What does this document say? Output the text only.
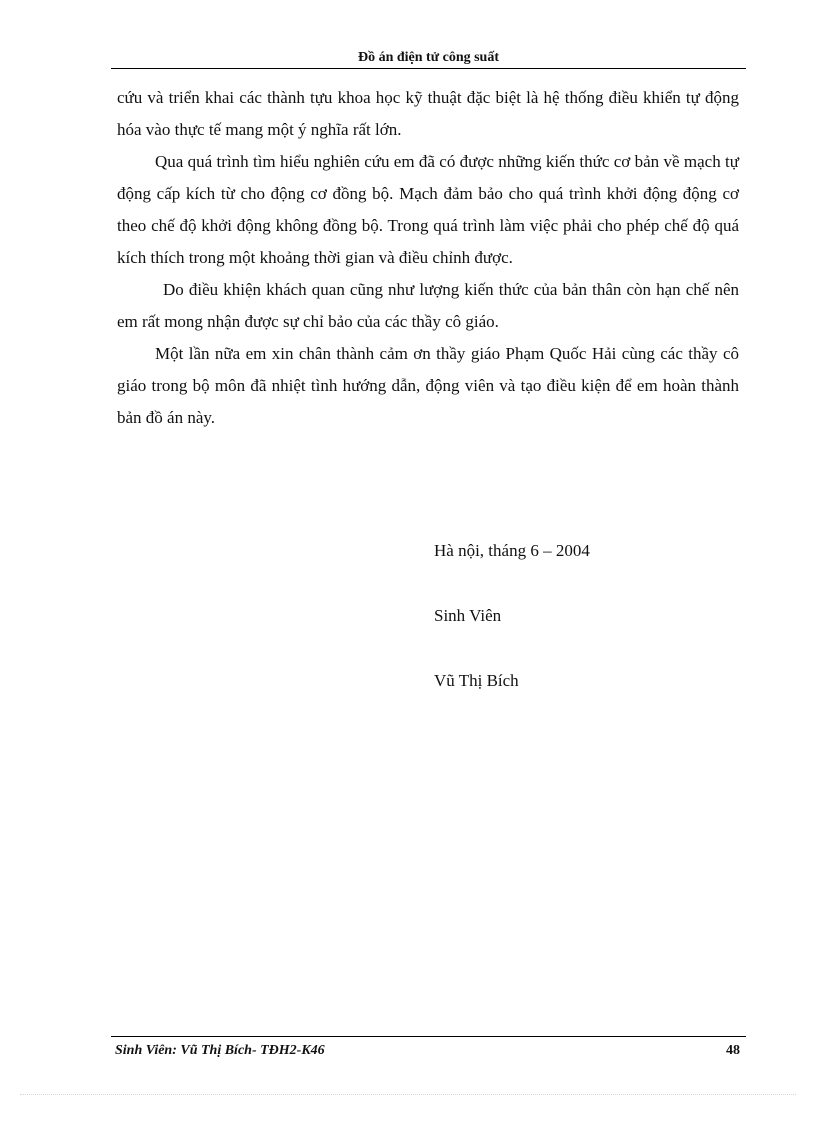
Đồ án điện tử công suất

cứu và triển khai các thành tựu khoa học kỹ thuật đặc biệt là hệ thống điều khiển tự động hóa vào thực tế mang một ý nghĩa rất lớn.

Qua quá trình tìm hiểu nghiên cứu em đã có được những kiến thức cơ bản về mạch tự động cấp kích từ cho động cơ đồng bộ. Mạch đảm bảo cho quá trình khởi động động cơ theo chế độ khởi động không đồng bộ. Trong quá trình làm việc phải cho phép chế độ quá kích thích trong một khoảng thời gian và điều chỉnh được.

Do điều khiện khách quan cũng như lượng kiến thức của bản thân còn hạn chế nên em rất mong nhận được sự chỉ bảo của các thầy cô giáo.

Một lần nữa em xin chân thành cảm ơn thầy giáo Phạm Quốc Hải cùng các thầy cô giáo trong bộ môn đã nhiệt tình hướng dẫn, động viên và tạo điều kiện để em hoàn thành bản đồ án này.

Hà nội, tháng 6 – 2004
Sinh Viên
Vũ Thị Bích
Sinh Viên: Vũ Thị Bích- TĐH2-K46	48
